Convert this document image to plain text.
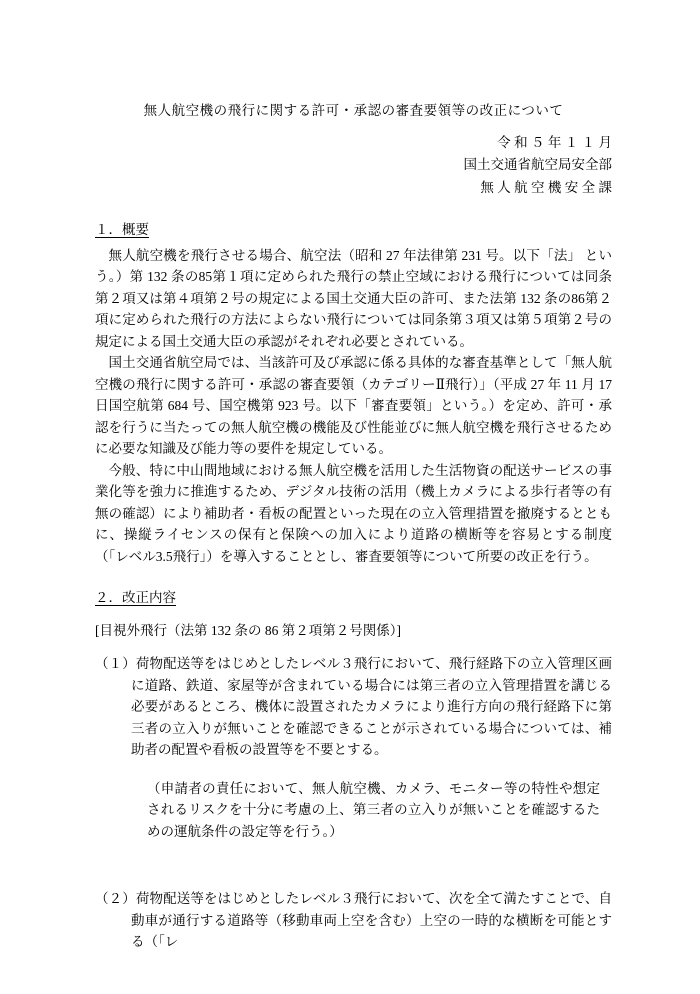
無人航空機の飛行に関する許可・承認の審査要領等の改正について
令 和 ５ 年 １ １ 月
国土交通省航空局安全部
無 人 航 空 機 安 全 課
１．概要

無人航空機を飛行させる場合、航空法（昭和 27 年法律第 231 号。以下「法」 という。）第 132 条の85第１項に定められた飛行の禁止空域における飛行については同条第２項又は第４項第２号の規定による国土交通大臣の許可、また法第 132 条の86第２項に定められた飛行の方法によらない飛行については同条第３項又は第５項第２号の規定による国土交通大臣の承認がそれぞれ必要とされている。

国土交通省航空局では、当該許可及び承認に係る具体的な審査基準として「無人航空機の飛行に関する許可・承認の審査要領（カテゴリーⅡ飛行）」（平成 27 年 11 月 17 日国空航第 684 号、国空機第 923 号。以下「審査要領」という。）を定め、許可・承認を行うに当たっての無人航空機の機能及び性能並びに無人航空機を飛行させるために必要な知識及び能力等の要件を規定している。

今般、特に中山間地域における無人航空機を活用した生活物資の配送サービスの事業化等を強力に推進するため、デジタル技術の活用（機上カメラによる歩行者等の有無の確認）により補助者・看板の配置といった現在の立入管理措置を撤廃するとともに、操縦ライセンスの保有と保険への加入により道路の横断等を容易とする制度（「レベル3.5飛行」）を導入することとし、審査要領等について所要の改正を行う。

２．改正内容
[目視外飛行（法第 132 条の 86 第２項第２号関係）]
（１）荷物配送等をはじめとしたレベル３飛行において、飛行経路下の立入管理区画に道路、鉄道、家屋等が含まれている場合には第三者の立入管理措置を講じる必要があるところ、機体に設置されたカメラにより進行方向の飛行経路下に第三者の立入りが無いことを確認できることが示されている場合については、補助者の配置や看板の設置等を不要とする。
（申請者の責任において、無人航空機、カメラ、モニター等の特性や想定されるリスクを十分に考慮の上、第三者の立入りが無いことを確認するための運航条件の設定等を行う。）
（２）荷物配送等をはじめとしたレベル３飛行において、次を全て満たすことで、自動車が通行する道路等（移動車両上空を含む）上空の一時的な横断を可能とする（「レ
